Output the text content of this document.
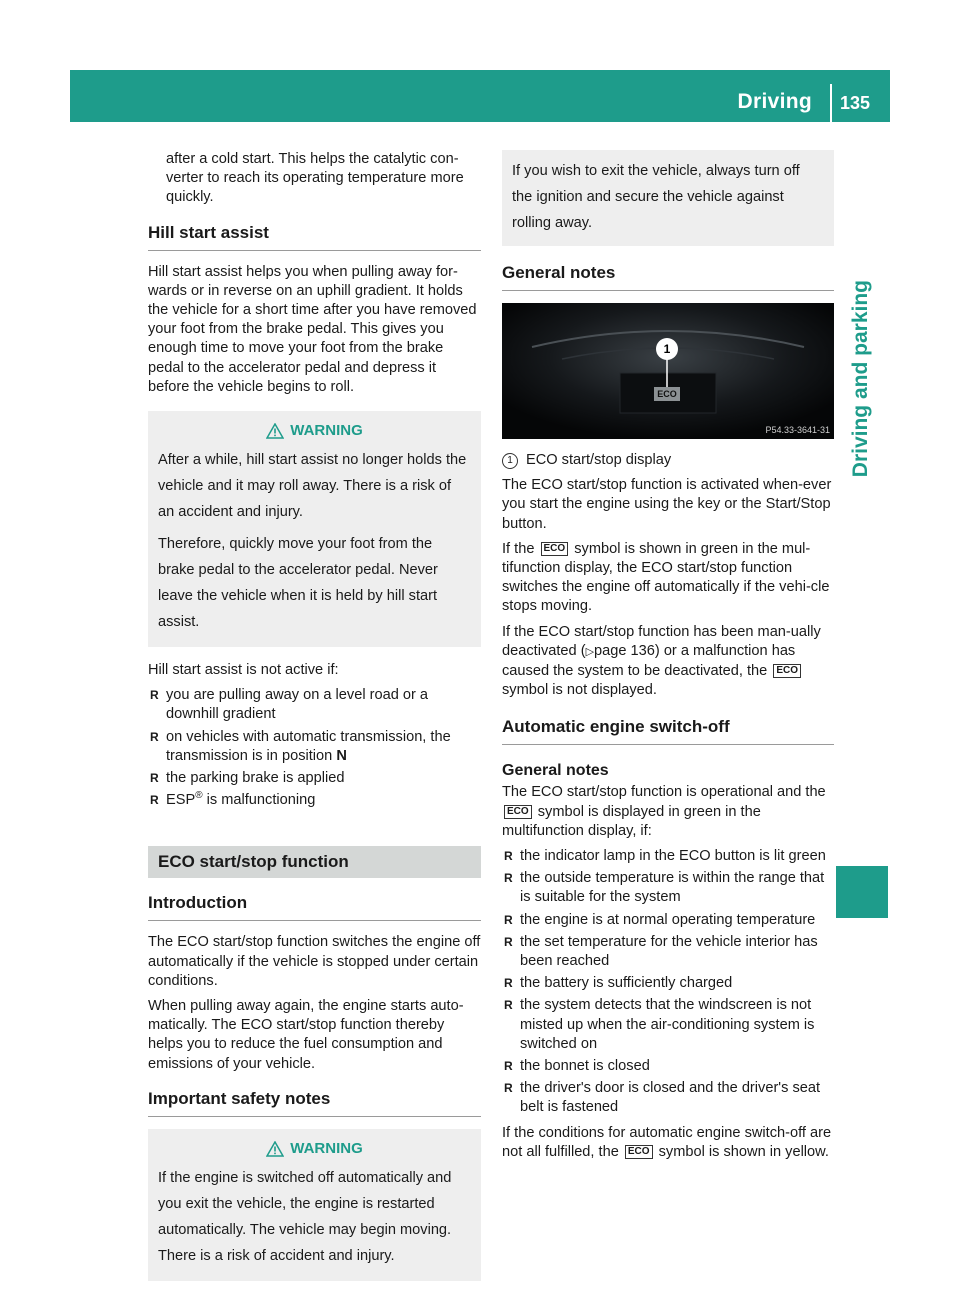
Driving 135
Driving and parking

after a cold start. This helps the catalytic con-verter to reach its operating temperature more quickly.

Hill start assist

Hill start assist helps you when pulling away for-wards or in reverse on an uphill gradient. It holds the vehicle for a short time after you have removed your foot from the brake pedal. This gives you enough time to move your foot from the brake pedal to the accelerator pedal and depress it before the vehicle begins to roll.

WARNING

After a while, hill start assist no longer holds the vehicle and it may roll away. There is a risk of an accident and injury.

Therefore, quickly move your foot from the brake pedal to the accelerator pedal. Never leave the vehicle when it is held by hill start assist.

Hill start assist is not active if:

R you are pulling away on a level road or a downhill gradient
R on vehicles with automatic transmission, the transmission is in position N
R the parking brake is applied
R ESP® is malfunctioning
ECO start/stop function
Introduction

The ECO start/stop function switches the engine off automatically if the vehicle is stopped under certain conditions.

When pulling away again, the engine starts auto-matically. The ECO start/stop function thereby helps you to reduce the fuel consumption and emissions of your vehicle.

Important safety notes
WARNING

If the engine is switched off automatically and you exit the vehicle, the engine is restarted automatically. The vehicle may begin moving. There is a risk of accident and injury.

If you wish to exit the vehicle, always turn off the ignition and secure the vehicle against rolling away.
General notes
1
ECO
P54.33-3641-31

1 ECO start/stop display

The ECO start/stop function is activated when-ever you start the engine using the key or the Start/Stop button.

If the ECO symbol is shown in green in the mul-tifunction display, the ECO start/stop function switches the engine off automatically if the vehi-cle stops moving.

If the ECO start/stop function has been man-ually deactivated (▷page 136) or a malfunction has caused the system to be deactivated, the ECO symbol is not displayed.

Automatic engine switch-off
General notes

The ECO start/stop function is operational and the ECO symbol is displayed in green in the multifunction display, if:

R the indicator lamp in the ECO button is lit green
R the outside temperature is within the range that is suitable for the system
R the engine is at normal operating temperature
R the set temperature for the vehicle interior has been reached
R the battery is sufficiently charged
R the system detects that the windscreen is not misted up when the air-conditioning system is switched on
R the bonnet is closed
R the driver's door is closed and the driver's seat belt is fastened

If the conditions for automatic engine switch-off are not all fulfilled, the ECO symbol is shown in yellow.
